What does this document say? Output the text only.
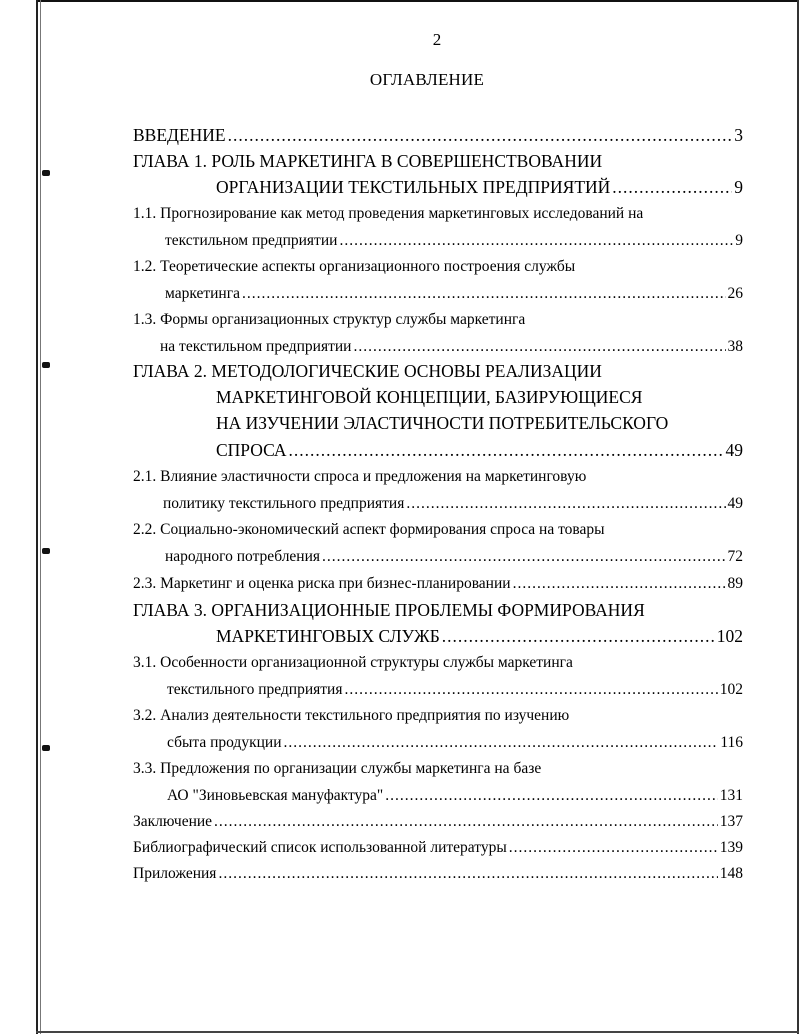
2
ОГЛАВЛЕНИЕ
ВВЕДЕНИЕ .....	3
ГЛАВА 1. РОЛЬ МАРКЕТИНГА В СОВЕРШЕНСТВОВАНИИ
ОРГАНИЗАЦИИ ТЕКСТИЛЬНЫХ ПРЕДПРИЯТИЙ .....	9
1.1. Прогнозирование как метод проведения маркетинговых исследований на
текстильном предприятии .....	9
1.2. Теоретические аспекты организационного построения службы
маркетинга .....	26
1.3. Формы организационных структур службы маркетинга
на текстильном предприятии .....	38
ГЛАВА 2. МЕТОДОЛОГИЧЕСКИЕ ОСНОВЫ РЕАЛИЗАЦИИ
МАРКЕТИНГОВОЙ КОНЦЕПЦИИ, БАЗИРУЮЩИЕСЯ
НА ИЗУЧЕНИИ ЭЛАСТИЧНОСТИ ПОТРЕБИТЕЛЬСКОГО
СПРОСА .....	49
2.1. Влияние эластичности спроса и предложения на маркетинговую
политику текстильного предприятия .....	49
2.2. Социально-экономический аспект формирования спроса на товары
народного потребления .....	72
2.3. Маркетинг и оценка риска при бизнес-планировании .....	89
ГЛАВА 3. ОРГАНИЗАЦИОННЫЕ ПРОБЛЕМЫ ФОРМИРОВАНИЯ
МАРКЕТИНГОВЫХ СЛУЖБ .....	102
3.1. Особенности организационной структуры службы маркетинга
текстильного предприятия .....	102
3.2. Анализ деятельности текстильного предприятия по изучению
сбыта продукции .....	116
3.3. Предложения по организации службы маркетинга на базе
АО "Зиновьевская мануфактура" .....	131
Заключение .....	137
Библиографический список использованной литературы .....	139
Приложения .....	148
